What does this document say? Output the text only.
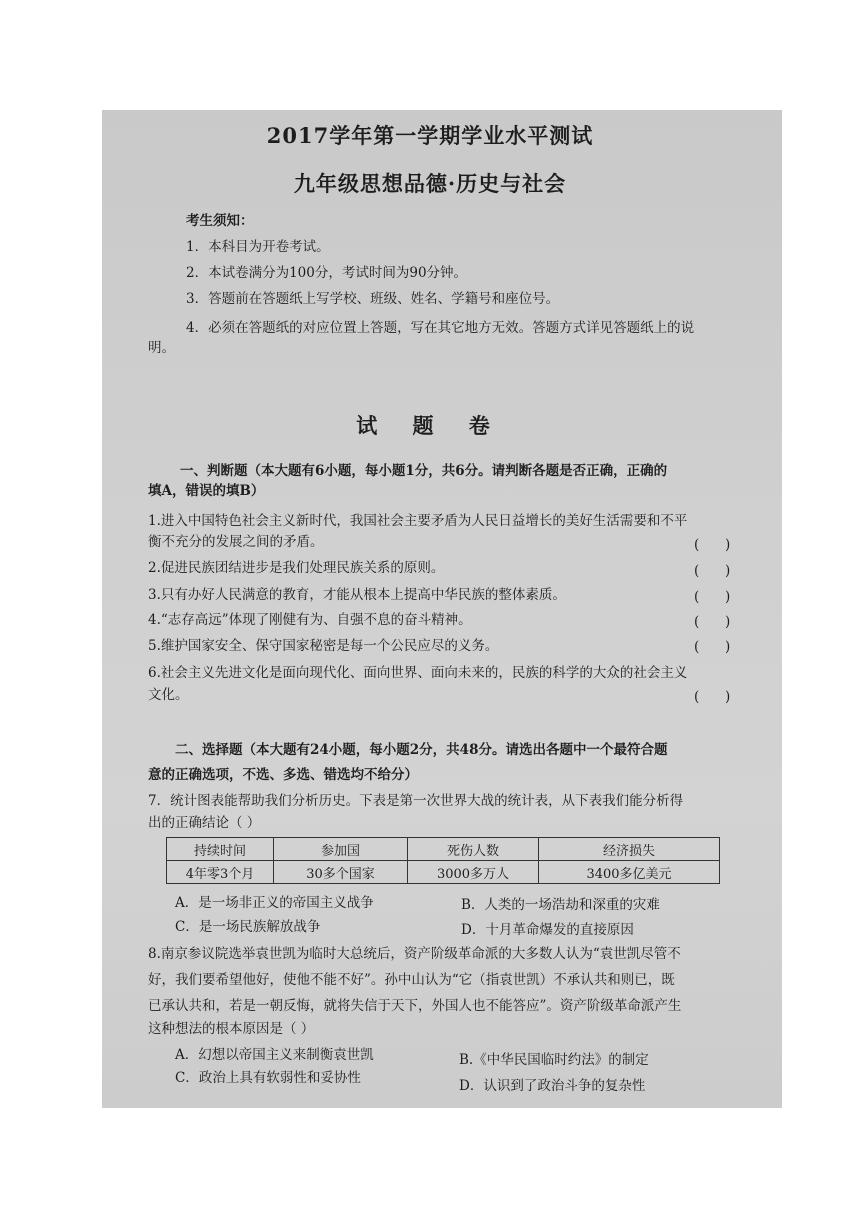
2017学年第一学期学业水平测试
九年级思想品德·历史与社会
考生须知：
1．本科目为开卷考试。
2．本试卷满分为100分，考试时间为90分钟。
3．答题前在答题纸上写学校、班级、姓名、学籍号和座位号。
4．必须在答题纸的对应位置上答题，写在其它地方无效。答题方式详见答题纸上的说
明。
试 题 卷
一、判断题（本大题有6小题，每小题1分，共6分。请判断各题是否正确，正确的
填A，错误的填B）
1.进入中国特色社会主义新时代，我国社会主要矛盾为人民日益增长的美好生活需要和不平
衡不充分的发展之间的矛盾。	(      )
2.促进民族团结进步是我们处理民族关系的原则。	(      )
3.只有办好人民满意的教育，才能从根本上提高中华民族的整体素质。	(      )
4.“志存高远”体现了刚健有为、自强不息的奋斗精神。	(      )
5.维护国家安全、保守国家秘密是每一个公民应尽的义务。	(      )
6.社会主义先进文化是面向现代化、面向世界、面向未来的，民族的科学的大众的社会主义
文化。	(      )
二、选择题（本大题有24小题，每小题2分，共48分。请选出各题中一个最符合题
意的正确选项，不选、多选、错选均不给分）
7．统计图表能帮助我们分析历史。下表是第一次世界大战的统计表，从下表我们能分析得
出的正确结论（ ）
持续时间	参加国	死伤人数	经济损失
4年零3个月	30多个国家	3000多万人	3400多亿美元
A．是一场非正义的帝国主义战争	B．人类的一场浩劫和深重的灾难
C．是一场民族解放战争	D．十月革命爆发的直接原因
8.南京参议院选举袁世凯为临时大总统后，资产阶级革命派的大多数人认为“袁世凯尽管不
好，我们要希望他好，使他不能不好”。孙中山认为“它（指袁世凯）不承认共和则已，既
已承认共和，若是一朝反悔，就将失信于天下，外国人也不能答应”。资产阶级革命派产生
这种想法的根本原因是（ ）
A．幻想以帝国主义来制衡袁世凯	B.《中华民国临时约法》的制定
C．政治上具有软弱性和妥协性	D．认识到了政治斗争的复杂性
